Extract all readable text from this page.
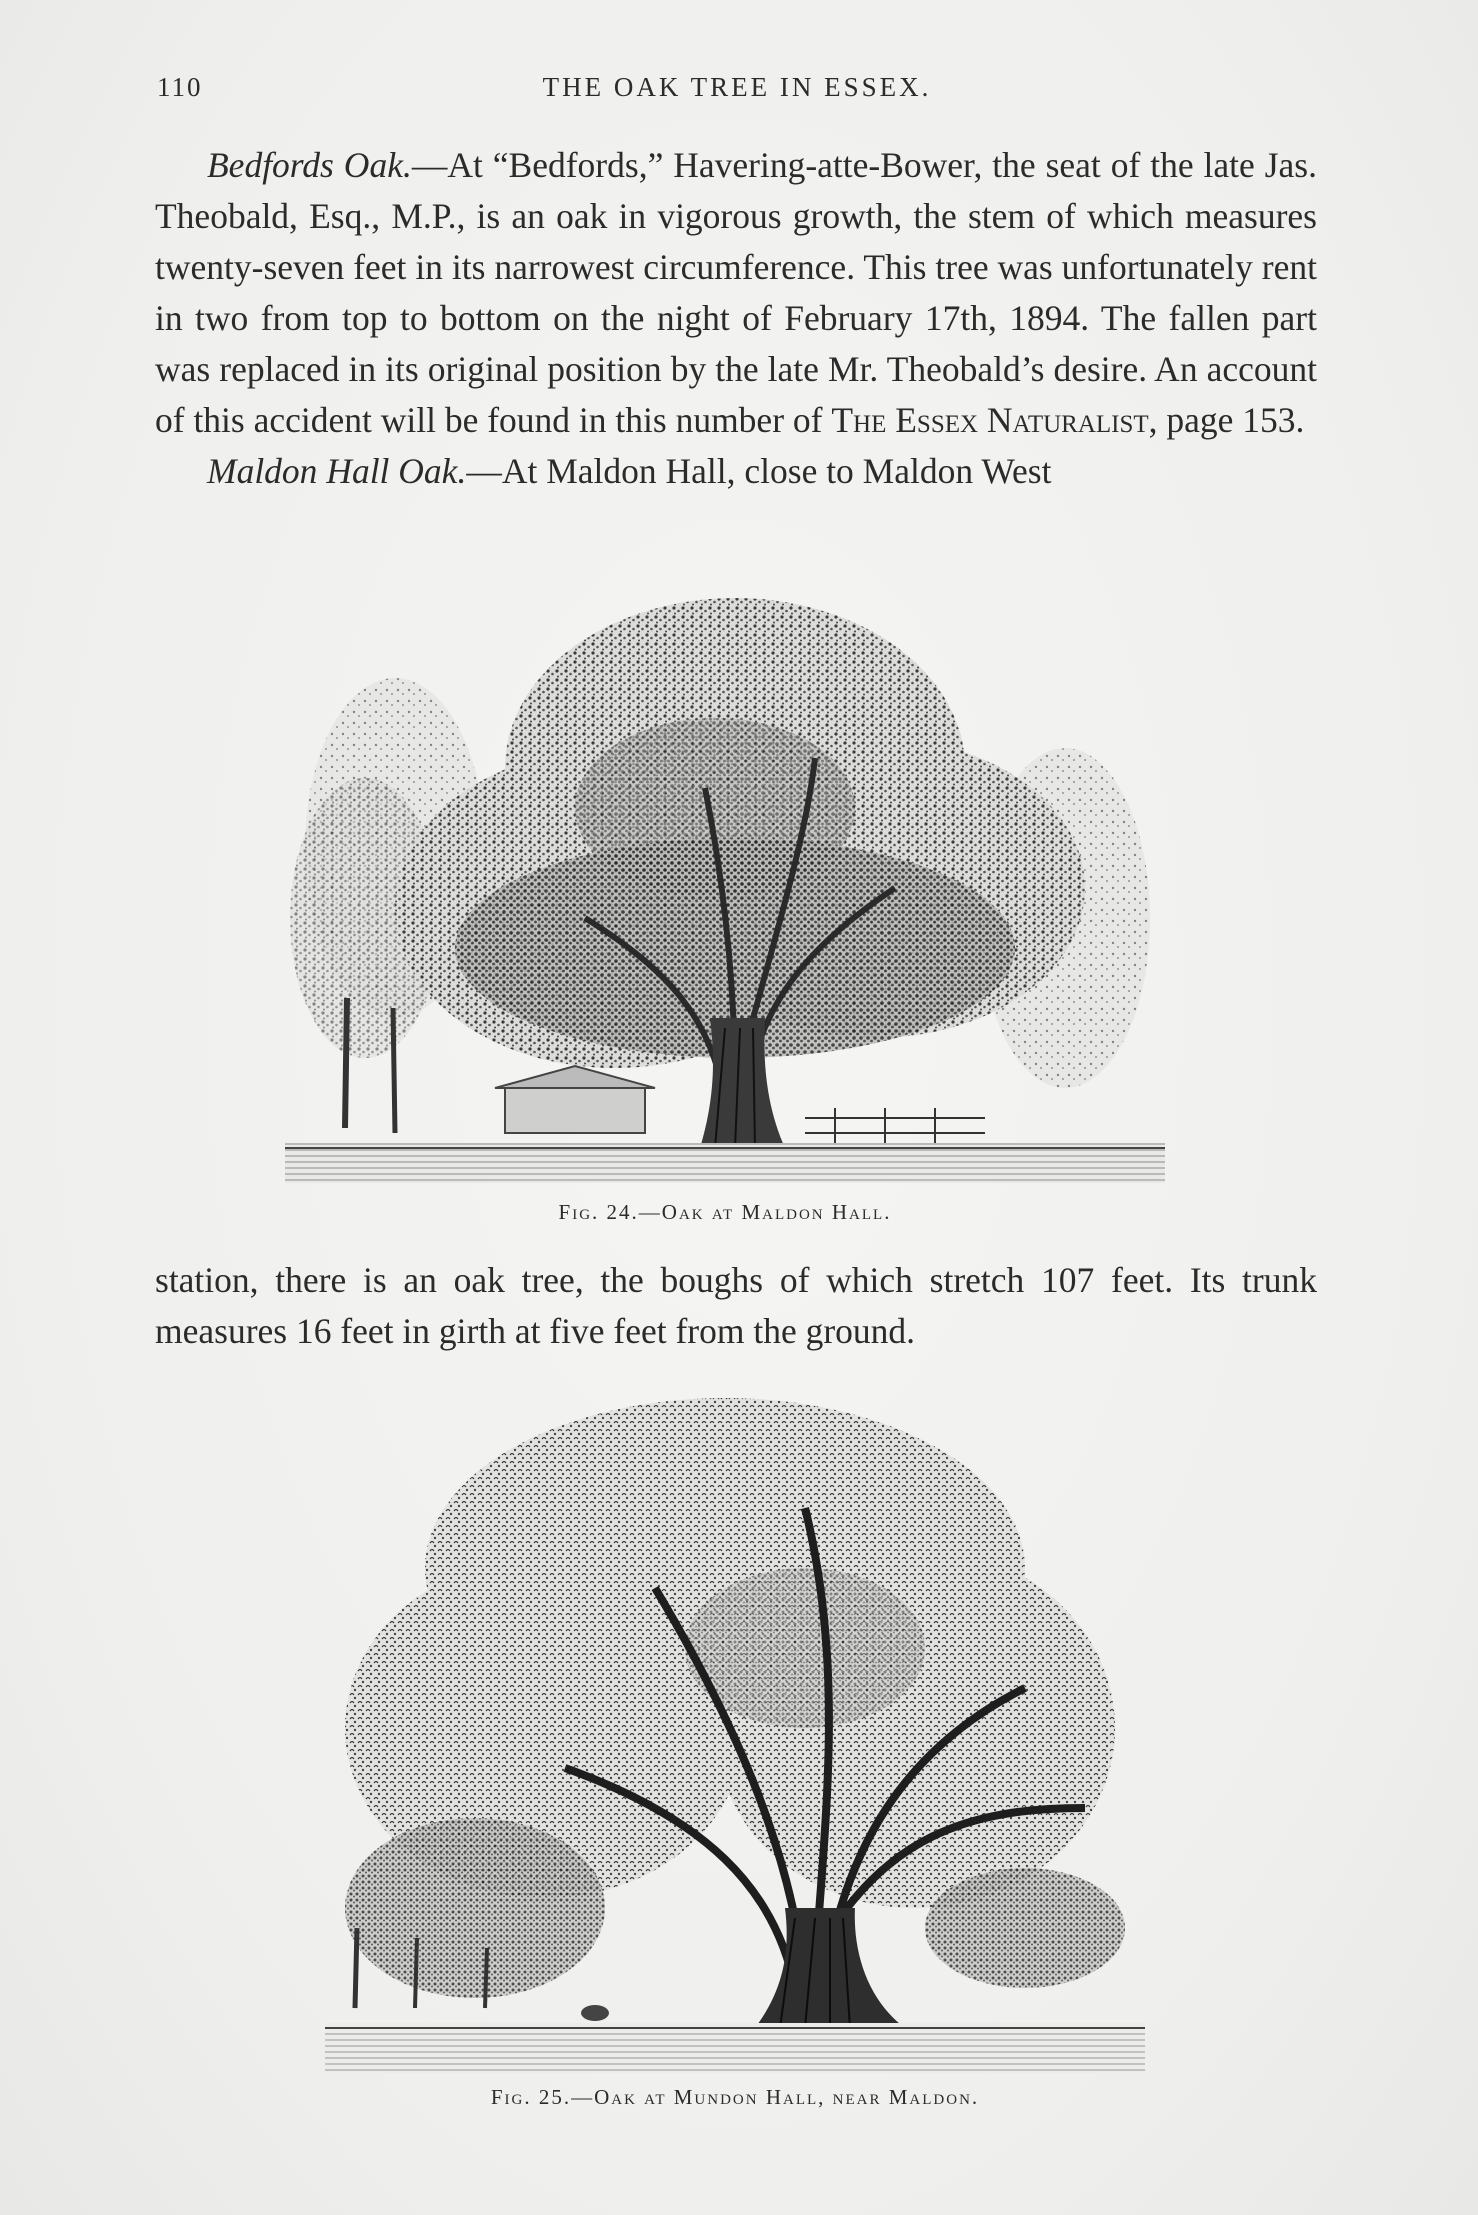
110	THE OAK TREE IN ESSEX.

Bedfords Oak.—At “Bedfords,” Havering-atte-Bower, the seat of the late Jas. Theobald, Esq., M.P., is an oak in vigorous growth, the stem of which measures twenty-seven feet in its narrowest circumference. This tree was unfortunately rent in two from top to bottom on the night of February 17th, 1894. The fallen part was replaced in its original position by the late Mr. Theobald’s desire. An account of this accident will be found in this number of The Essex Naturalist, page 153.
Maldon Hall Oak.—At Maldon Hall, close to Maldon West

Fig. 24.—Oak at Maldon Hall.

station, there is an oak tree, the boughs of which stretch 107 feet. Its trunk measures 16 feet in girth at five feet from the ground.

Fig. 25.—Oak at Mundon Hall, near Maldon.
